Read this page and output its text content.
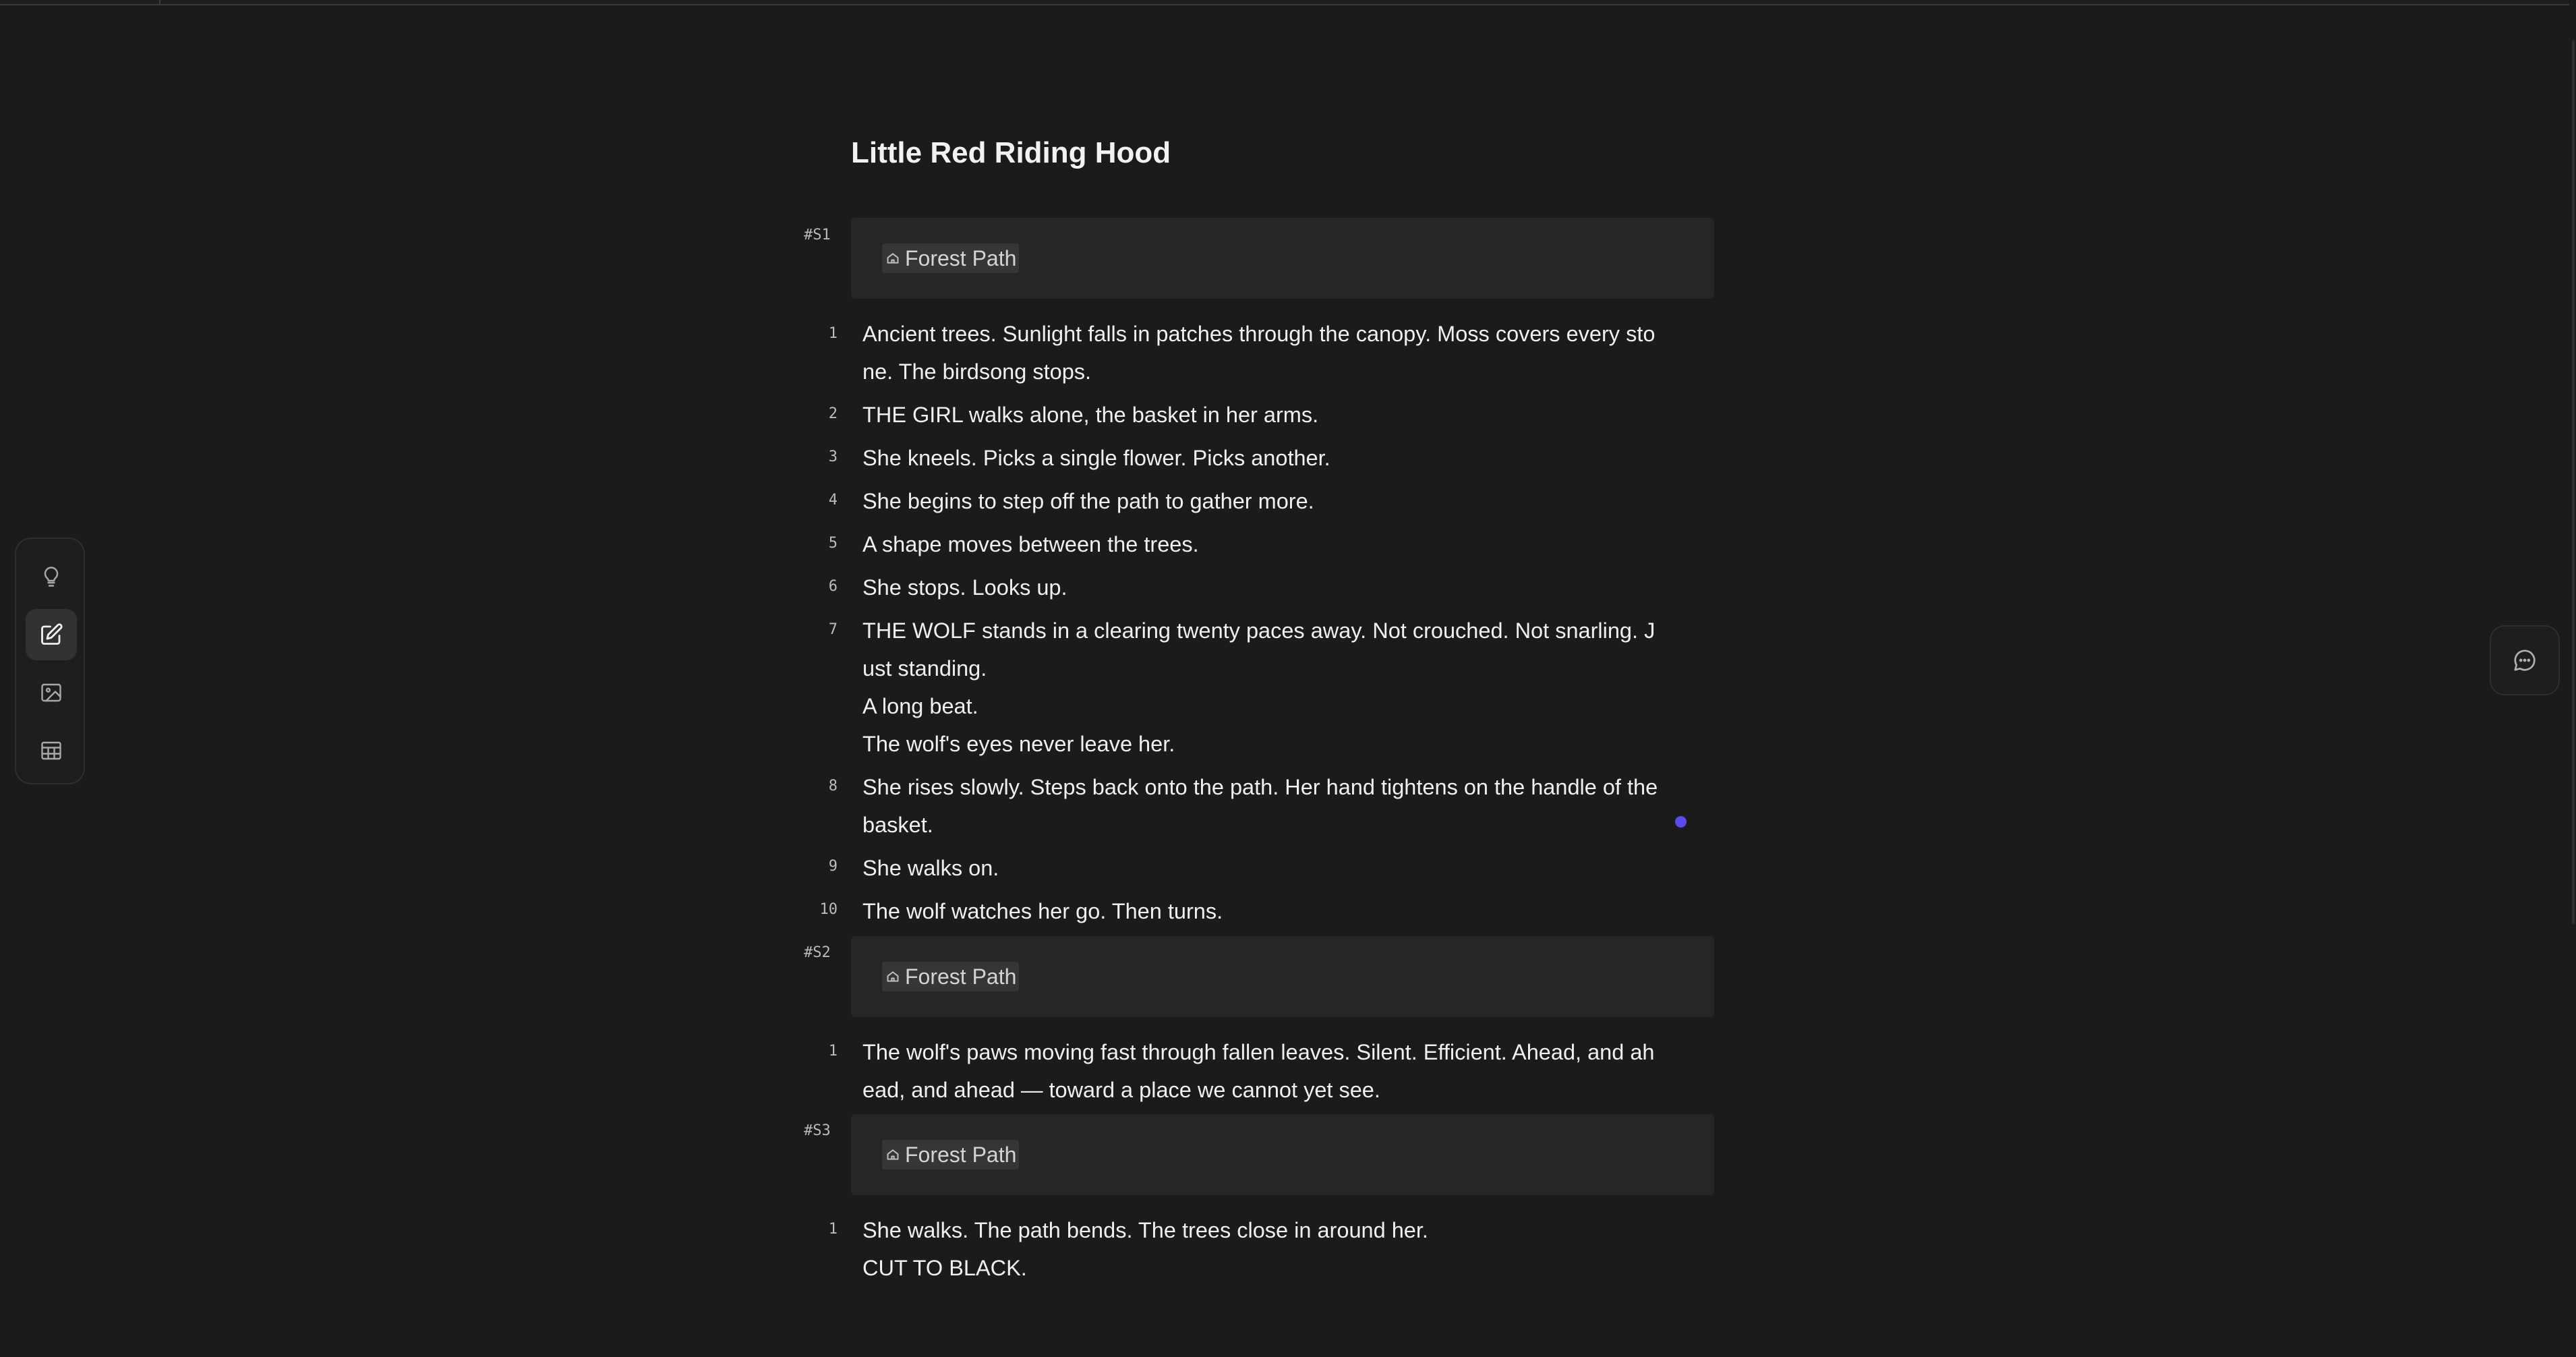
Little Red Riding Hood
#S1
Forest Path
1 Ancient trees. Sunlight falls in patches through the canopy. Moss covers every sto
ne. The birdsong stops.
2 THE GIRL walks alone, the basket in her arms.
3 She kneels. Picks a single flower. Picks another.
4 She begins to step off the path to gather more.
5 A shape moves between the trees.
6 She stops. Looks up.
7 THE WOLF stands in a clearing twenty paces away. Not crouched. Not snarling. J
ust standing.
A long beat.
The wolf's eyes never leave her.
8 She rises slowly. Steps back onto the path. Her hand tightens on the handle of the
basket.
9 She walks on.
10 The wolf watches her go. Then turns.
#S2
Forest Path
1 The wolf's paws moving fast through fallen leaves. Silent. Efficient. Ahead, and ah
ead, and ahead — toward a place we cannot yet see.
#S3
Forest Path
1 She walks. The path bends. The trees close in around her.
CUT TO BLACK.
